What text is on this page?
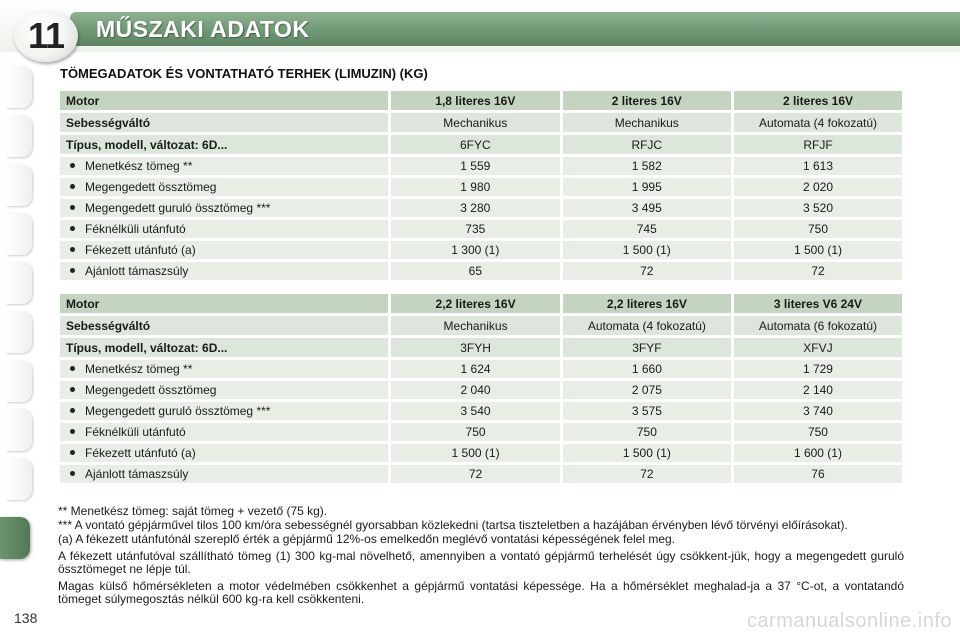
MŰSZAKI ADATOK
11
TÖMEGADATOK ÉS VONTATHATÓ TERHEK (LIMUZIN) (KG)
Motor	1,8 literes 16V	2 literes 16V	2 literes 16V
Sebességváltó	Mechanikus	Mechanikus	Automata (4 fokozatú)
Típus, modell, változat: 6D...	6FYC	RFJC	RFJF
Menetkész tömeg **	1 559	1 582	1 613
Megengedett össztömeg	1 980	1 995	2 020
Megengedett guruló össztömeg ***	3 280	3 495	3 520
Féknélküli utánfutó	735	745	750
Fékezett utánfutó (a)	1 300 (1)	1 500 (1)	1 500 (1)
Ajánlott támaszsúly	65	72	72
Motor	2,2 literes 16V	2,2 literes 16V	3 literes V6 24V
Sebességváltó	Mechanikus	Automata (4 fokozatú)	Automata (6 fokozatú)
Típus, modell, változat: 6D...	3FYH	3FYF	XFVJ
Menetkész tömeg **	1 624	1 660	1 729
Megengedett össztömeg	2 040	2 075	2 140
Megengedett guruló össztömeg ***	3 540	3 575	3 740
Féknélküli utánfutó	750	750	750
Fékezett utánfutó (a)	1 500 (1)	1 500 (1)	1 600 (1)
Ajánlott támaszsúly	72	72	76

** Menetkész tömeg: saját tömeg + vezető (75 kg).

*** A vontató gépjárművel tilos 100 km/óra sebességnél gyorsabban közlekedni (tartsa tiszteletben a hazájában érvényben lévő törvényi előírásokat).

(a) A fékezett utánfutónál szereplő érték a gépjármű 12%-os emelkedőn meglévő vontatási képességének felel meg.

A fékezett utánfutóval szállítható tömeg (1) 300 kg-mal növelhető, amennyiben a vontató gépjármű terhelését úgy csökkent-jük, hogy a megengedett guruló össztömeget ne lépje túl.

Magas külső hőmérsékleten a motor védelmében csökkenhet a gépjármű vontatási képessége. Ha a hőmérséklet meghalad-ja a 37 °C-ot, a vontatandó tömeget súlymegosztás nélkül 600 kg-ra kell csökkenteni.

138	carmanualsonline.info
